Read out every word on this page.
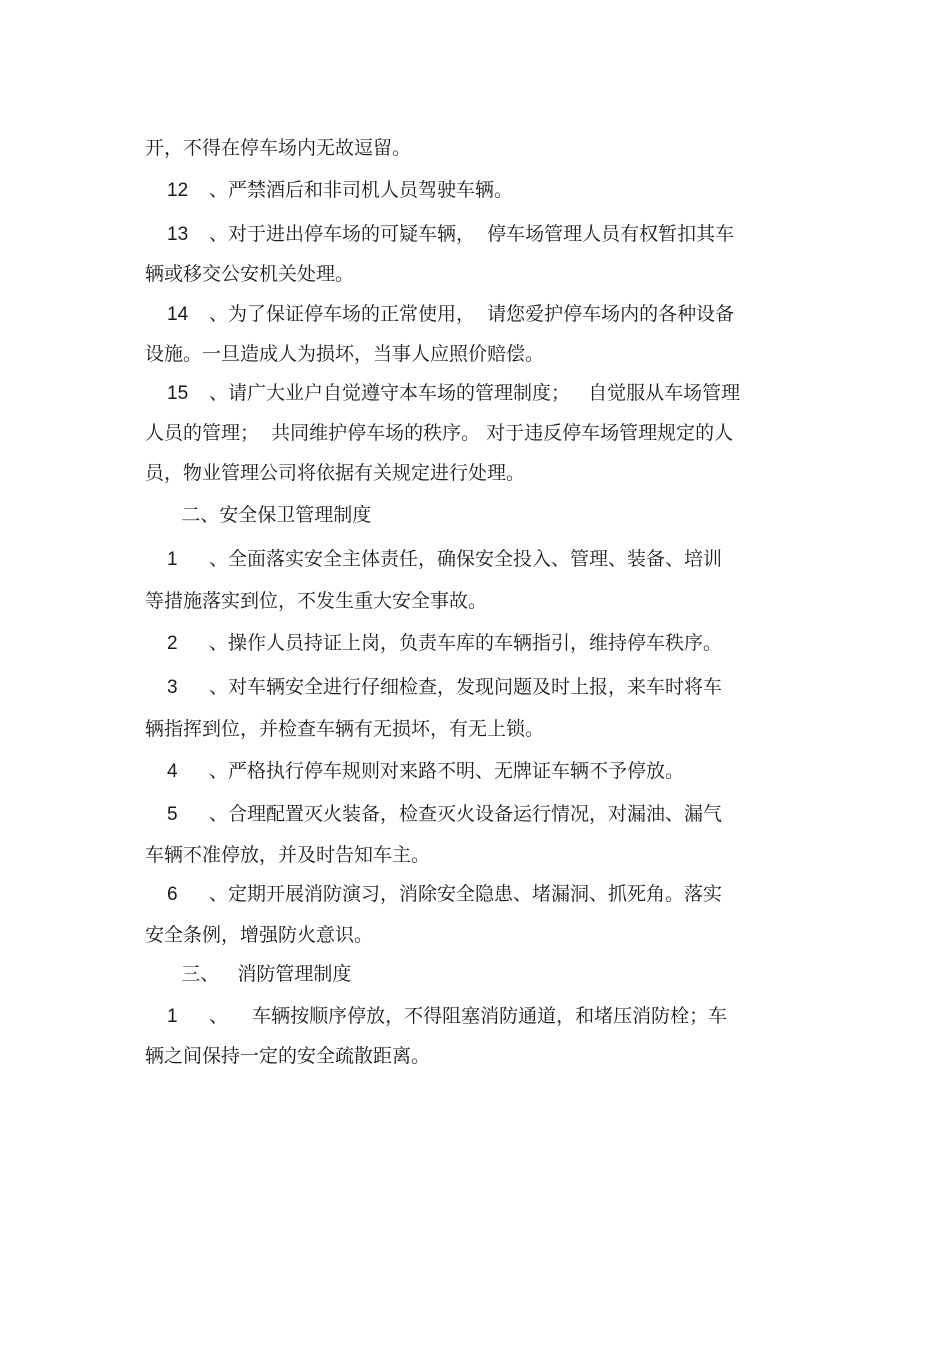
开，不得在停车场内无故逗留。
12 、严禁酒后和非司机人员驾驶车辆。
13 、对于进出停车场的可疑车辆，  停车场管理人员有权暂扣其车
辆或移交公安机关处理。
14 、为了保证停车场的正常使用，  请您爱护停车场内的各种设备
设施。一旦造成人为损坏，当事人应照价赔偿。
15 、请广大业户自觉遵守本车场的管理制度；   自觉服从车场管理
人员的管理；  共同维护停车场的秩序。 对于违反停车场管理规定的人
员，物业管理公司将依据有关规定进行处理。
二、安全保卫管理制度
1 、全面落实安全主体责任，确保安全投入、管理、装备、培训
等措施落实到位，不发生重大安全事故。
2 、操作人员持证上岗，负责车库的车辆指引，维持停车秩序。
3 、对车辆安全进行仔细检查，发现问题及时上报，来车时将车
辆指挥到位，并检查车辆有无损坏，有无上锁。
4 、严格执行停车规则对来路不明、无牌证车辆不予停放。
5 、合理配置灭火装备，检查灭火设备运行情况，对漏油、漏气
车辆不准停放，并及时告知车主。
6 、定期开展消防演习，消除安全隐患、堵漏洞、抓死角。落实
安全条例，增强防火意识。
三、   消防管理制度
1 、    车辆按顺序停放，不得阻塞消防通道，和堵压消防栓；车
辆之间保持一定的安全疏散距离。
